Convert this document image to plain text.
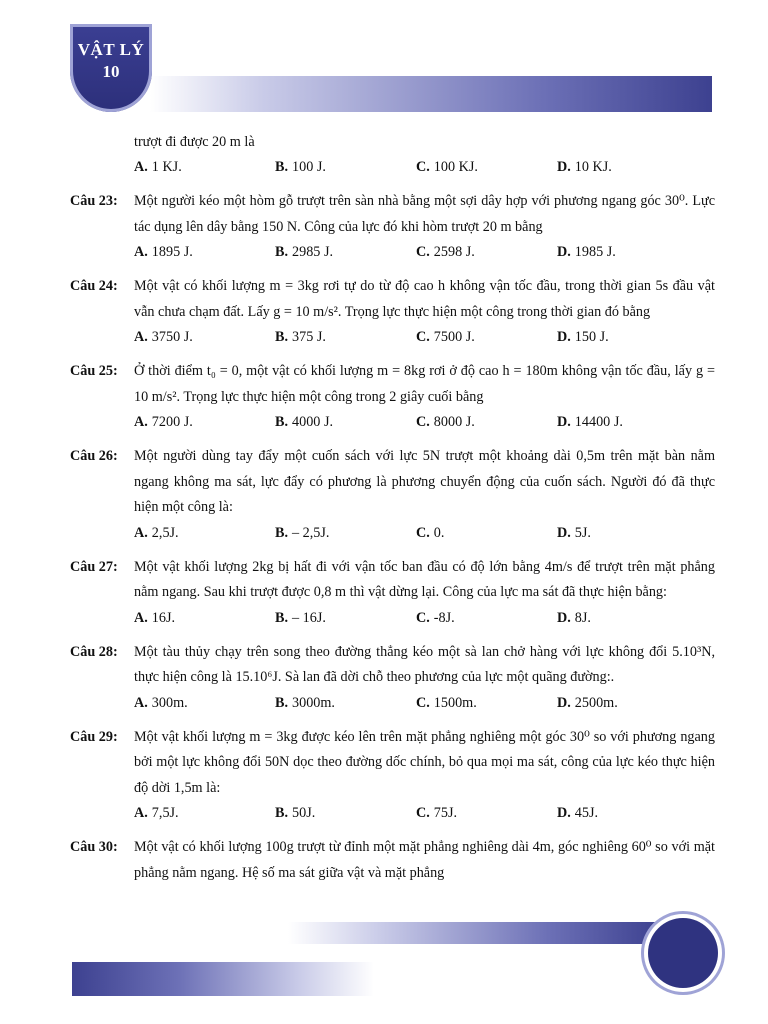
VẬT LÝ
10
trượt đi được 20 m là
A. 1 KJ.	B. 100 J.	C. 100 KJ.	D. 10 KJ.
Câu 23:	Một người kéo một hòm gỗ trượt trên sàn nhà bằng một sợi dây hợp với phương ngang góc 30⁰. Lực tác dụng lên dây bằng 150 N. Công của lực đó khi hòm trượt 20 m bằng
A. 1895 J.	B. 2985 J.	C. 2598 J.	D. 1985 J.
Câu 24:	Một vật có khối lượng m = 3kg rơi tự do từ độ cao h không vận tốc đầu, trong thời gian 5s đầu vật vẫn chưa chạm đất. Lấy g = 10 m/s². Trọng lực thực hiện một công trong thời gian đó bằng
A. 3750 J.	B. 375 J.	C. 7500 J.	D. 150 J.
Câu 25:	Ở thời điểm t₀ = 0, một vật có khối lượng m = 8kg rơi ở độ cao h = 180m không vận tốc đầu, lấy g = 10 m/s². Trọng lực thực hiện một công trong 2 giây cuối bằng
A. 7200 J.	B. 4000 J.	C. 8000 J.	D. 14400 J.
Câu 26:	Một người dùng tay đẩy một cuốn sách với lực 5N trượt một khoảng dài 0,5m trên mặt bàn nằm ngang không ma sát, lực đẩy có phương là phương chuyển động của cuốn sách. Người đó đã thực hiện một công là:
A. 2,5J.	B. – 2,5J.	C. 0.	D. 5J.
Câu 27:	Một vật khối lượng 2kg bị hất đi với vận tốc ban đầu có độ lớn bằng 4m/s để trượt trên mặt phẳng nằm ngang. Sau khi trượt được 0,8 m thì vật dừng lại. Công của lực ma sát đã thực hiện bằng:
A. 16J.	B. – 16J.	C. -8J.	D. 8J.
Câu 28:	Một tàu thủy chạy trên song theo đường thẳng kéo một sà lan chở hàng với lực không đổi 5.10³N, thực hiện công là 15.10⁶J. Sà lan đã dời chỗ theo phương của lực một quãng đường:.
A. 300m.	B. 3000m.	C. 1500m.	D. 2500m.
Câu 29:	Một vật khối lượng m = 3kg được kéo lên trên mặt phẳng nghiêng một góc 30⁰ so với phương ngang bởi một lực không đổi 50N dọc theo đường dốc chính, bỏ qua mọi ma sát, công của lực kéo thực hiện độ dời 1,5m là:
A. 7,5J.	B. 50J.	C. 75J.	D. 45J.
Câu 30:	Một vật có khối lượng 100g trượt từ đỉnh một mặt phẳng nghiêng dài 4m, góc nghiêng 60⁰ so với mặt phẳng nằm ngang. Hệ số ma sát giữa vật và mặt phẳng
